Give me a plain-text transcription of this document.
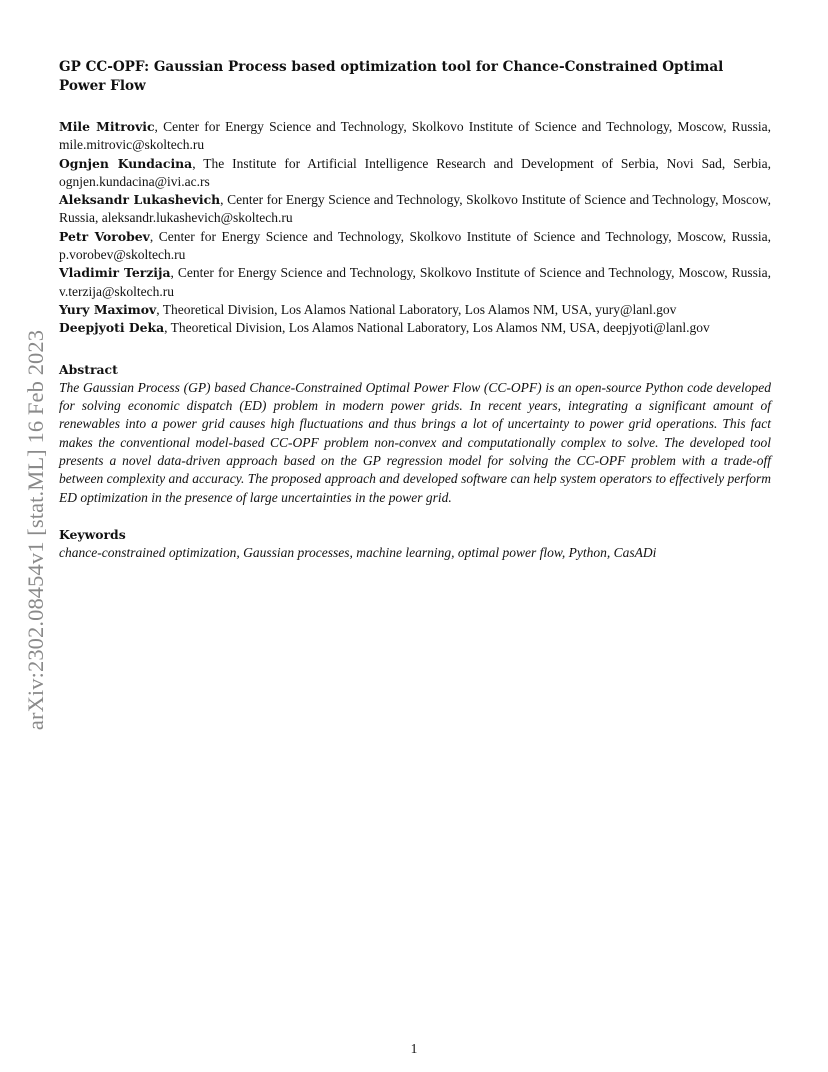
arXiv:2302.08454v1 [stat.ML] 16 Feb 2023
GP CC-OPF: Gaussian Process based optimization tool for Chance-Constrained Optimal Power Flow

Mile Mitrovic, Center for Energy Science and Technology, Skolkovo Institute of Science and Technology, Moscow, Russia, mile.mitrovic@skoltech.ru

Ognjen Kundacina, The Institute for Artificial Intelligence Research and Development of Serbia, Novi Sad, Serbia, ognjen.kundacina@ivi.ac.rs

Aleksandr Lukashevich, Center for Energy Science and Technology, Skolkovo Institute of Science and Technology, Moscow, Russia, aleksandr.lukashevich@skoltech.ru

Petr Vorobev, Center for Energy Science and Technology, Skolkovo Institute of Science and Technology, Moscow, Russia, p.vorobev@skoltech.ru

Vladimir Terzija, Center for Energy Science and Technology, Skolkovo Institute of Science and Technology, Moscow, Russia, v.terzija@skoltech.ru

Yury Maximov, Theoretical Division, Los Alamos National Laboratory, Los Alamos NM, USA, yury@lanl.gov

Deepjyoti Deka, Theoretical Division, Los Alamos National Laboratory, Los Alamos NM, USA, deepjyoti@lanl.gov

Abstract

The Gaussian Process (GP) based Chance-Constrained Optimal Power Flow (CC-OPF) is an open-source Python code developed for solving economic dispatch (ED) problem in modern power grids. In recent years, integrating a significant amount of renewables into a power grid causes high fluctuations and thus brings a lot of uncertainty to power grid operations. This fact makes the conventional model-based CC-OPF problem non-convex and computationally complex to solve. The developed tool presents a novel data-driven approach based on the GP regression model for solving the CC-OPF problem with a trade-off between complexity and accuracy. The proposed approach and developed software can help system operators to effectively perform ED optimization in the presence of large uncertainties in the power grid.

Keywords

chance-constrained optimization, Gaussian processes, machine learning, optimal power flow, Python, CasADi

1
